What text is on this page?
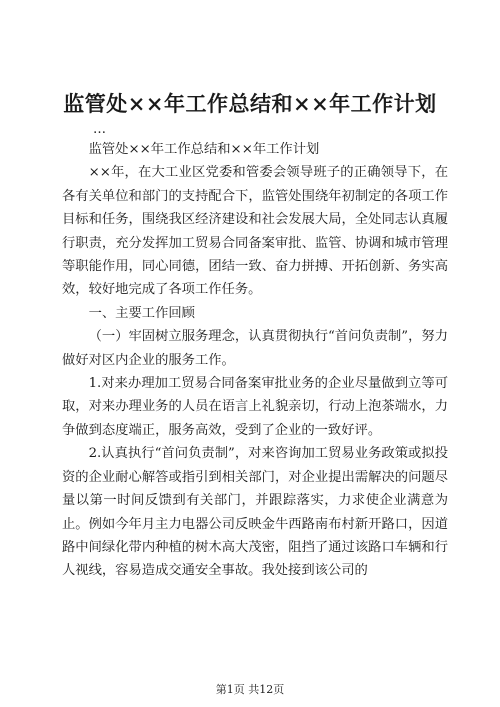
监管处××年工作总结和××年工作计划
…

监管处××年工作总结和××年工作计划

××年，在大工业区党委和管委会领导班子的正确领导下，在各有关单位和部门的支持配合下，监管处围绕年初制定的各项工作目标和任务，围绕我区经济建设和社会发展大局，全处同志认真履行职责，充分发挥加工贸易合同备案审批、监管、协调和城市管理等职能作用，同心同德，团结一致、奋力拼搏、开拓创新、务实高效，较好地完成了各项工作任务。

一、主要工作回顾

（一）牢固树立服务理念，认真贯彻执行“首问负责制”，努力做好对区内企业的服务工作。

1.对来办理加工贸易合同备案审批业务的企业尽量做到立等可取，对来办理业务的人员在语言上礼貌亲切，行动上泡茶端水，力争做到态度端正，服务高效，受到了企业的一致好评。

2.认真执行“首问负责制”，对来咨询加工贸易业务政策或拟投资的企业耐心解答或指引到相关部门，对企业提出需解决的问题尽量以第一时间反馈到有关部门，并跟踪落实，力求使企业满意为止。例如今年月主力电器公司反映金牛西路南布村新开路口，因道路中间绿化带内种植的树木高大茂密，阻挡了通过该路口车辆和行人视线，容易造成交通安全事故。我处接到该公司的

第1页 共12页
